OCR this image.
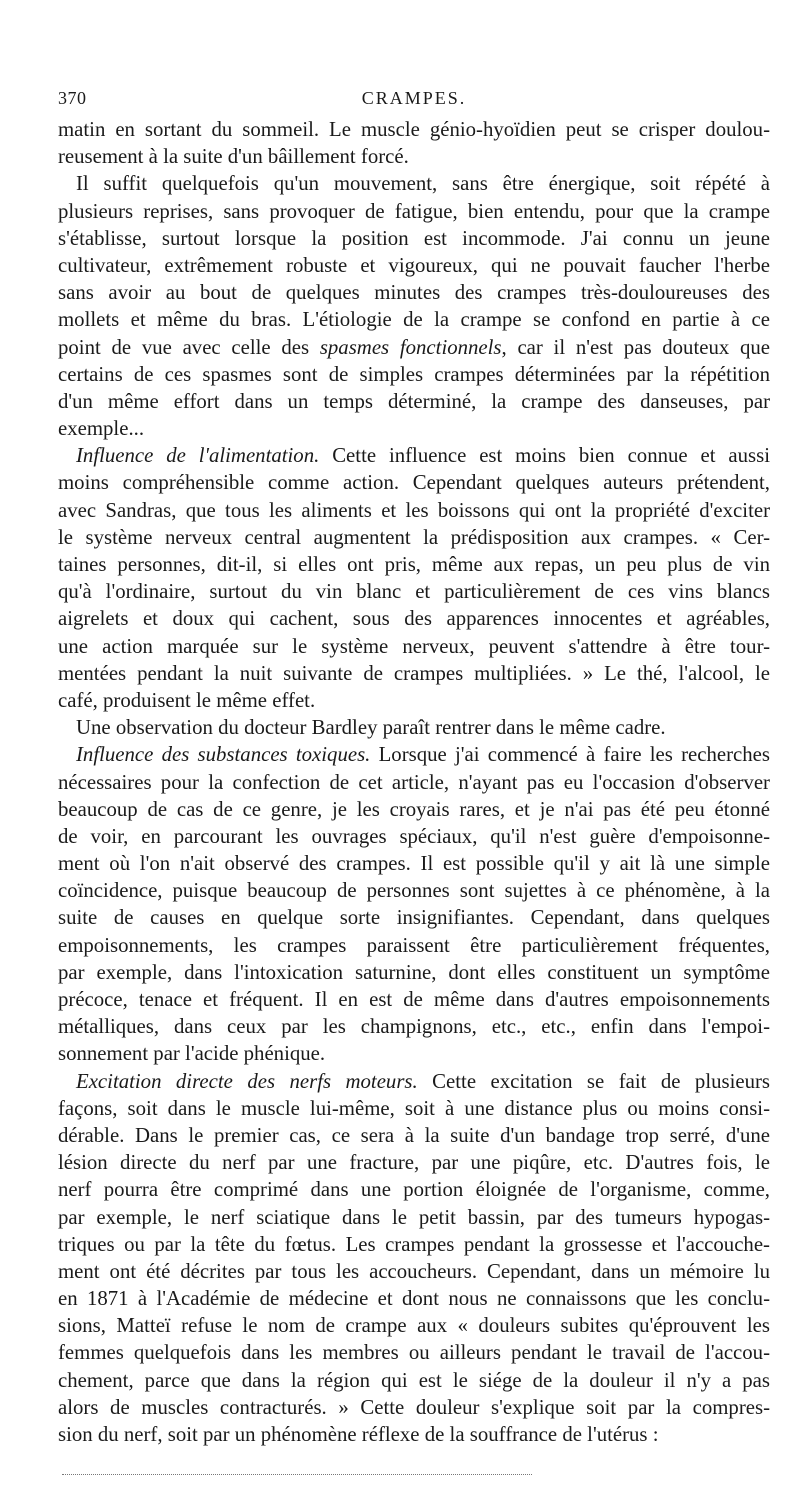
370	CRAMPES.
matin en sortant du sommeil. Le muscle génio-hyoïdien peut se crisper doulou-
reusement à la suite d'un bâillement forcé.
Il suffit quelquefois qu'un mouvement, sans être énergique, soit répété à
plusieurs reprises, sans provoquer de fatigue, bien entendu, pour que la crampe
s'établisse, surtout lorsque la position est incommode. J'ai connu un jeune
cultivateur, extrêmement robuste et vigoureux, qui ne pouvait faucher l'herbe
sans avoir au bout de quelques minutes des crampes très-douloureuses des
mollets et même du bras. L'étiologie de la crampe se confond en partie à ce
point de vue avec celle des spasmes fonctionnels, car il n'est pas douteux que
certains de ces spasmes sont de simples crampes déterminées par la répétition
d'un même effort dans un temps déterminé, la crampe des danseuses, par
exemple...
Influence de l'alimentation. Cette influence est moins bien connue et aussi
moins compréhensible comme action. Cependant quelques auteurs prétendent,
avec Sandras, que tous les aliments et les boissons qui ont la propriété d'exciter
le système nerveux central augmentent la prédisposition aux crampes. « Cer-
taines personnes, dit-il, si elles ont pris, même aux repas, un peu plus de vin
qu'à l'ordinaire, surtout du vin blanc et particulièrement de ces vins blancs
aigrelets et doux qui cachent, sous des apparences innocentes et agréables,
une action marquée sur le système nerveux, peuvent s'attendre à être tour-
mentées pendant la nuit suivante de crampes multipliées. » Le thé, l'alcool, le
café, produisent le même effet.
Une observation du docteur Bardley paraît rentrer dans le même cadre.
Influence des substances toxiques. Lorsque j'ai commencé à faire les recherches
nécessaires pour la confection de cet article, n'ayant pas eu l'occasion d'observer
beaucoup de cas de ce genre, je les croyais rares, et je n'ai pas été peu étonné
de voir, en parcourant les ouvrages spéciaux, qu'il n'est guère d'empoisonne-
ment où l'on n'ait observé des crampes. Il est possible qu'il y ait là une simple
coïncidence, puisque beaucoup de personnes sont sujettes à ce phénomène, à la
suite de causes en quelque sorte insignifiantes. Cependant, dans quelques
empoisonnements, les crampes paraissent être particulièrement fréquentes,
par exemple, dans l'intoxication saturnine, dont elles constituent un symptôme
précoce, tenace et fréquent. Il en est de même dans d'autres empoisonnements
métalliques, dans ceux par les champignons, etc., etc., enfin dans l'empoi-
sonnement par l'acide phénique.
Excitation directe des nerfs moteurs. Cette excitation se fait de plusieurs
façons, soit dans le muscle lui-même, soit à une distance plus ou moins consi-
dérable. Dans le premier cas, ce sera à la suite d'un bandage trop serré, d'une
lésion directe du nerf par une fracture, par une piqûre, etc. D'autres fois, le
nerf pourra être comprimé dans une portion éloignée de l'organisme, comme,
par exemple, le nerf sciatique dans le petit bassin, par des tumeurs hypogas-
triques ou par la tête du fœtus. Les crampes pendant la grossesse et l'accouche-
ment ont été décrites par tous les accoucheurs. Cependant, dans un mémoire lu
en 1871 à l'Académie de médecine et dont nous ne connaissons que les conclu-
sions, Matteï refuse le nom de crampe aux « douleurs subites qu'éprouvent les
femmes quelquefois dans les membres ou ailleurs pendant le travail de l'accou-
chement, parce que dans la région qui est le siége de la douleur il n'y a pas
alors de muscles contracturés. » Cette douleur s'explique soit par la compres-
sion du nerf, soit par un phénomène réflexe de la souffrance de l'utérus :
